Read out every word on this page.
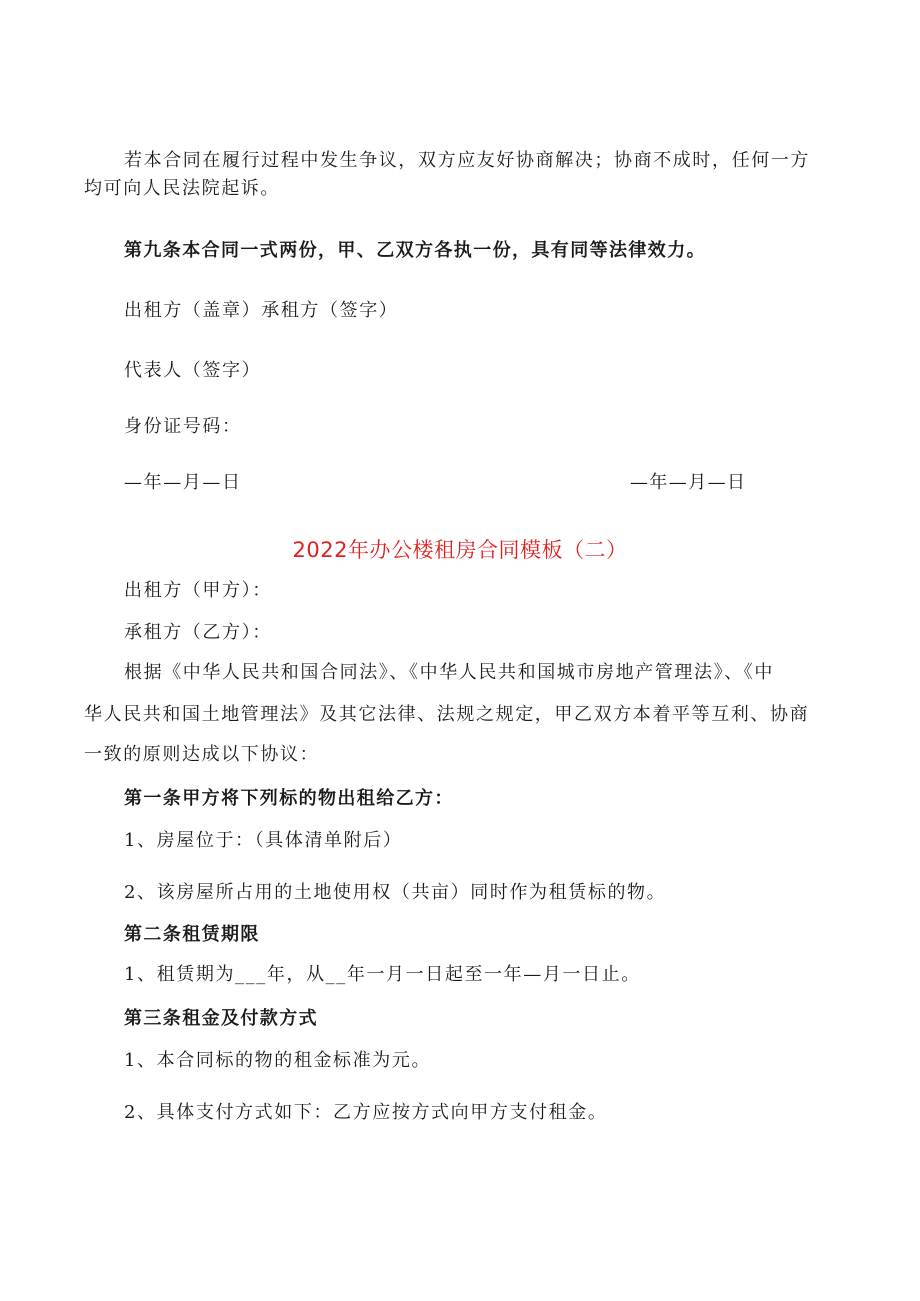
若本合同在履行过程中发生争议，双方应友好协商解决；协商不成时，任何一方
均可向人民法院起诉。
第九条本合同一式两份，甲、乙双方各执一份，具有同等法律效力。
出租方（盖章）承租方（签字）
代表人（签字）
身份证号码：
—年—月—日	—年—月—日
2022年办公楼租房合同模板（二）
出租方（甲方）：
承租方（乙方）：
根据《中华人民共和国合同法》、《中华人民共和国城市房地产管理法》、《中
华人民共和国土地管理法》及其它法律、法规之规定，甲乙双方本着平等互利、协商
一致的原则达成以下协议：
第一条甲方将下列标的物出租给乙方：
1、房屋位于：（具体清单附后）
2、该房屋所占用的土地使用权（共亩）同时作为租赁标的物。
第二条租赁期限
1、租赁期为___年，从__年一月一日起至一年—月一日止。
第三条租金及付款方式
1、本合同标的物的租金标准为元。
2、具体支付方式如下：乙方应按方式向甲方支付租金。
